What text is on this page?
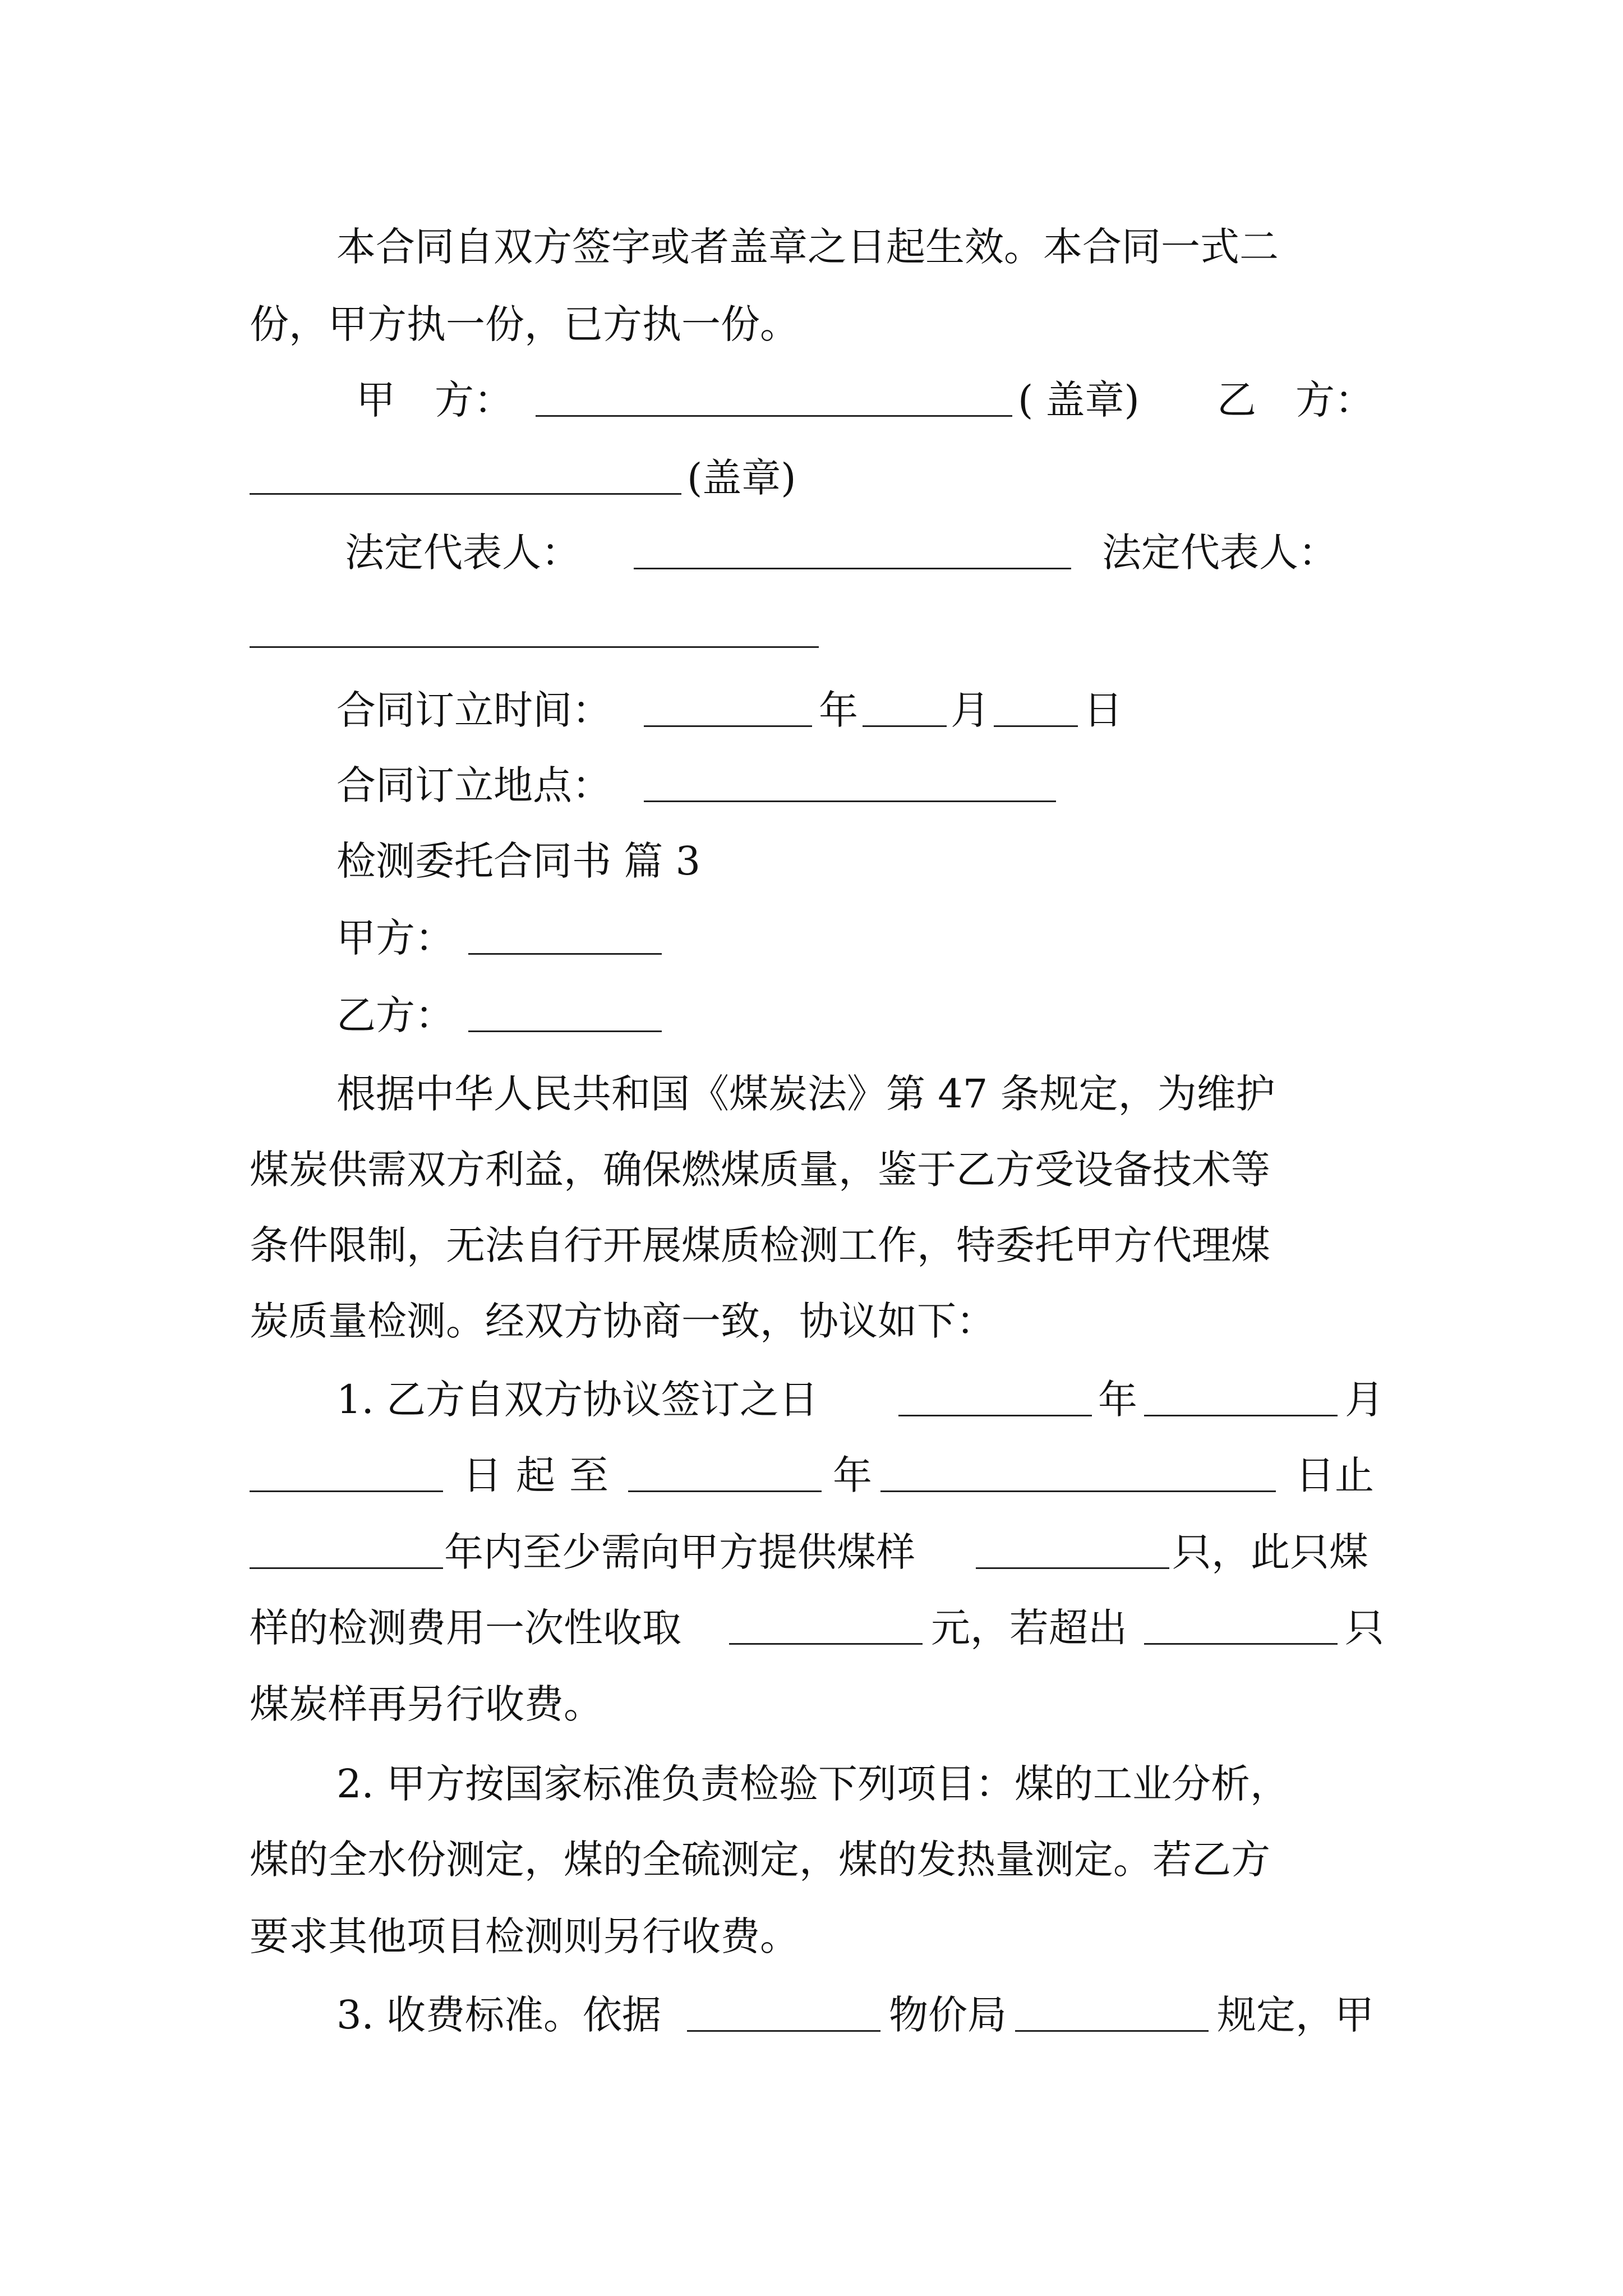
本合同自双方签字或者盖章之日起生效。本合同一式二
份，甲方执一份，已方执一份。
甲　方：	( 盖章) 乙　方：
(盖章)
法定代表人：	法定代表人：
合同订立时间：	年 月 日
合同订立地点：
检测委托合同书 篇 3
甲方：
乙方：
根据中华人民共和国《煤炭法》第 47 条规定，为维护
煤炭供需双方利益，确保燃煤质量，鉴于乙方受设备技术等
条件限制，无法自行开展煤质检测工作，特委托甲方代理煤
炭质量检测。经双方协商一致，协议如下：
1. 乙方自双方协议签订之日	年	月
日 起 至	年	日止
年内至少需向甲方提供煤样	只，此只煤
样的检测费用一次性收取	元，若超出	只
煤炭样再另行收费。
2. 甲方按国家标准负责检验下列项目：煤的工业分析，
煤的全水份测定，煤的全硫测定，煤的发热量测定。若乙方
要求其他项目检测则另行收费。
3. 收费标准。依据	物价局	规定，甲
